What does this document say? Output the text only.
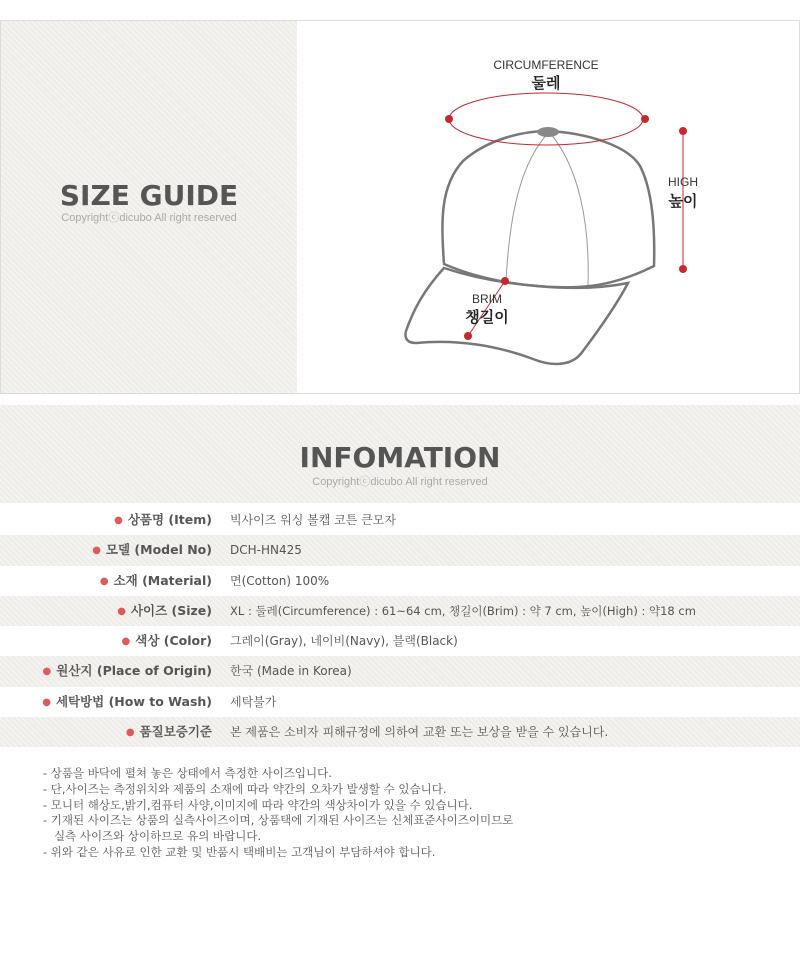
SIZE GUIDE
Copyrightⓒdicubo All right reserved
CIRCUMFERENCE
둘레
HIGH
높이
BRIM
챙길이
INFOMATION
Copyrightⓒdicubo All right reserved
● 상품명 (Item) 빅사이즈 워싱 볼캡 코튼 큰모자
● 모델 (Model No) DCH-HN425
● 소재 (Material) 면(Cotton) 100%
● 사이즈 (Size) XL : 둘레(Circumference) : 61~64 cm, 챙길이(Brim) : 약 7 cm, 높이(High) : 약18 cm
● 색상 (Color) 그레이(Gray), 네이비(Navy), 블랙(Black)
● 원산지 (Place of Origin) 한국 (Made in Korea)
● 세탁방법 (How to Wash) 세탁불가
● 품질보증기준 본 제품은 소비자 피해규정에 의하여 교환 또는 보상을 받을 수 있습니다.
- 상품을 바닥에 펼쳐 놓은 상태에서 측정한 사이즈입니다.
- 단,사이즈는 측정위치와 제품의 소재에 따라 약간의 오차가 발생할 수 있습니다.
- 모니터 해상도,밝기,컴퓨터 사양,이미지에 따라 약간의 색상차이가 있을 수 있습니다.
- 기재된 사이즈는 상품의 실측사이즈이며, 상품택에 기재된 사이즈는 신체표준사이즈이미므로
실측 사이즈와 상이하므로 유의 바랍니다.
- 위와 같은 사유로 인한 교환 및 반품시 택배비는 고객님이 부담하셔야 합니다.
